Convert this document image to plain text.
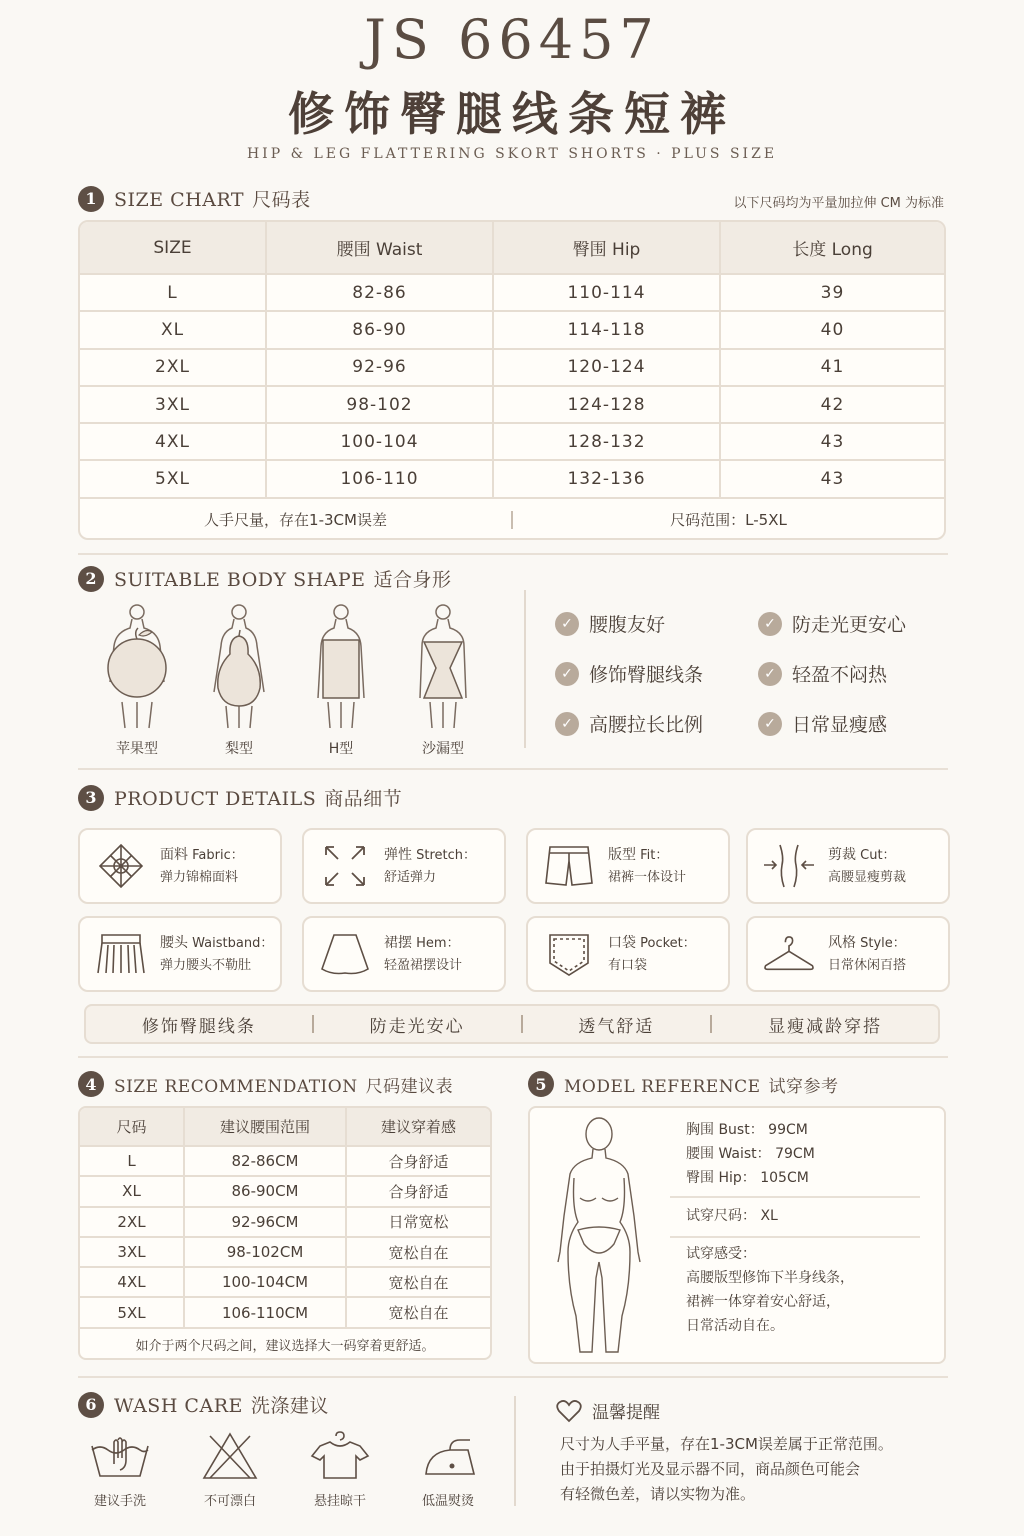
JS 66457
修饰臀腿线条短裤
HIP & LEG FLATTERING SKORT SHORTS · PLUS SIZE
1 SIZE CHART 尺码表	以下尺码均为平量加拉伸 CM 为标准
SIZE	腰围 Waist	臀围 Hip	长度 Long
L	82-86	110-114	39
XL	86-90	114-118	40
2XL	92-96	120-124	41
3XL	98-102	124-128	42
4XL	100-104	128-132	43
5XL	106-110	132-136	43
人手尺量，存在1-3CM误差	尺码范围：L-5XL
2 SUITABLE BODY SHAPE 适合身形
苹果型	梨型	H型	沙漏型
✓ 腰腹友好	✓ 防走光更安心
✓ 修饰臀腿线条	✓ 轻盈不闷热
✓ 高腰拉长比例	✓ 日常显瘦感
3 PRODUCT DETAILS 商品细节
面料 Fabric：
弹力锦棉面料
弹性 Stretch：
舒适弹力
版型 Fit：
裙裤一体设计
剪裁 Cut：
高腰显瘦剪裁
腰头 Waistband：
弹力腰头不勒肚
裙摆 Hem：
轻盈裙摆设计
口袋 Pocket：
有口袋
风格 Style：
日常休闲百搭
修饰臀腿线条	防走光安心	透气舒适	显瘦减龄穿搭
4	SIZE RECOMMENDATION 尺码建议表
尺码	建议腰围范围	建议穿着感
L	82-86CM	合身舒适
XL	86-90CM	合身舒适
2XL	92-96CM	日常宽松
3XL	98-102CM	宽松自在
4XL	100-104CM	宽松自在
5XL	106-110CM	宽松自在
如介于两个尺码之间，建议选择大一码穿着更舒适。
5	MODEL REFERENCE 试穿参考
胸围 Bust： 99CM
腰围 Waist： 79CM
臀围 Hip： 105CM
试穿尺码： XL
试穿感受：
高腰版型修饰下半身线条，
裙裤一体穿着安心舒适，
日常活动自在。
6 WASH CARE 洗涤建议
建议手洗	不可漂白	悬挂晾干	低温熨烫
温馨提醒
尺寸为人手平量，存在1-3CM误差属于正常范围。
由于拍摄灯光及显示器不同，商品颜色可能会
有轻微色差，请以实物为准。
